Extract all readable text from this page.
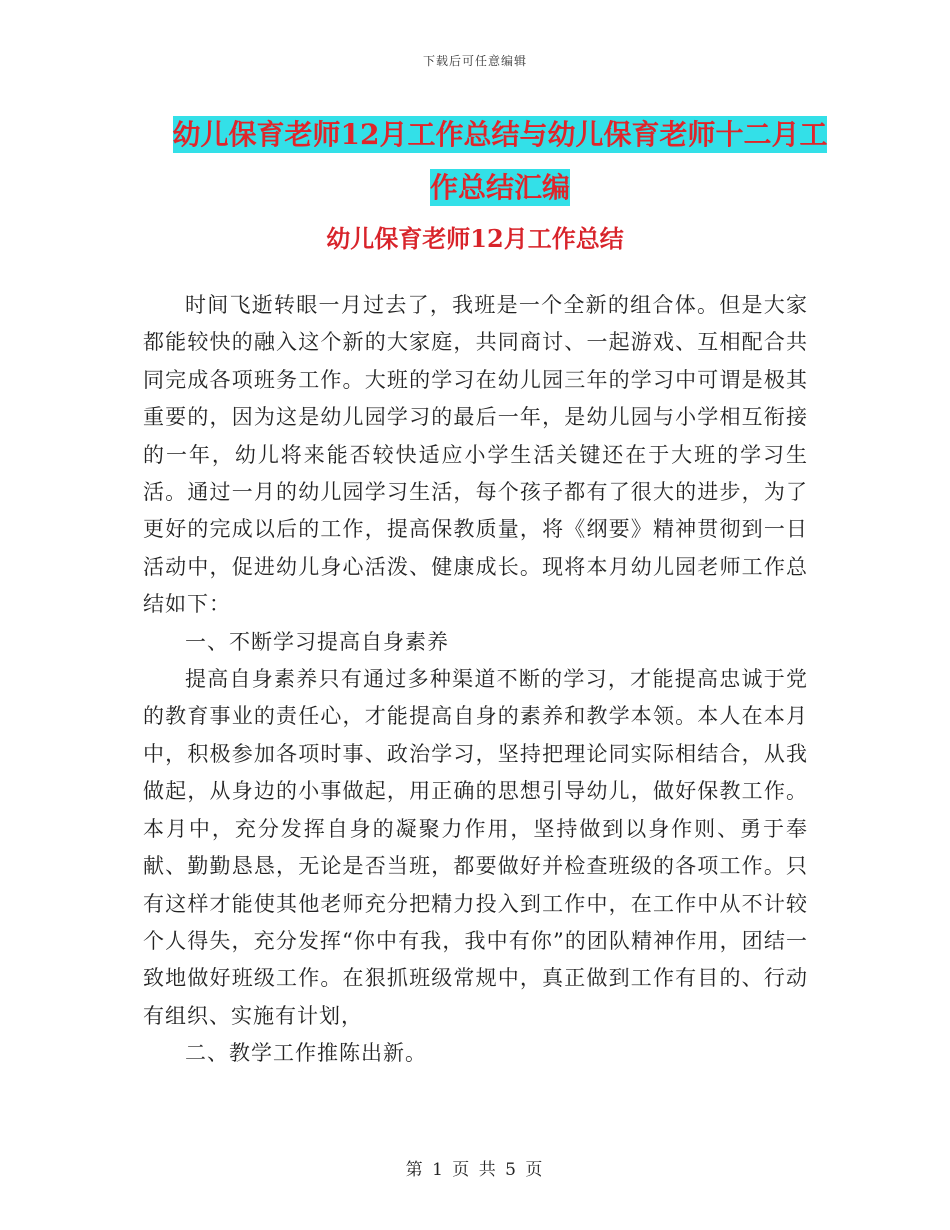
下载后可任意编辑
幼儿保育老师12月工作总结与幼儿保育老师十二月工
作总结汇编
幼儿保育老师12月工作总结

时间飞逝转眼一月过去了，我班是一个全新的组合体。但是大家都能较快的融入这个新的大家庭，共同商讨、一起游戏、互相配合共同完成各项班务工作。大班的学习在幼儿园三年的学习中可谓是极其重要的，因为这是幼儿园学习的最后一年，是幼儿园与小学相互衔接的一年，幼儿将来能否较快适应小学生活关键还在于大班的学习生活。通过一月的幼儿园学习生活，每个孩子都有了很大的进步，为了更好的完成以后的工作，提高保教质量，将《纲要》精神贯彻到一日活动中，促进幼儿身心活泼、健康成长。现将本月幼儿园老师工作总结如下：

一、不断学习提高自身素养

提高自身素养只有通过多种渠道不断的学习，才能提高忠诚于党的教育事业的责任心，才能提高自身的素养和教学本领。本人在本月中，积极参加各项时事、政治学习，坚持把理论同实际相结合，从我做起，从身边的小事做起，用正确的思想引导幼儿，做好保教工作。本月中，充分发挥自身的凝聚力作用，坚持做到以身作则、勇于奉献、勤勤恳恳，无论是否当班，都要做好并检查班级的各项工作。只有这样才能使其他老师充分把精力投入到工作中，在工作中从不计较个人得失，充分发挥“你中有我，我中有你”的团队精神作用，团结一致地做好班级工作。在狠抓班级常规中，真正做到工作有目的、行动有组织、实施有计划，

二、教学工作推陈出新。

第 1 页 共 5 页
